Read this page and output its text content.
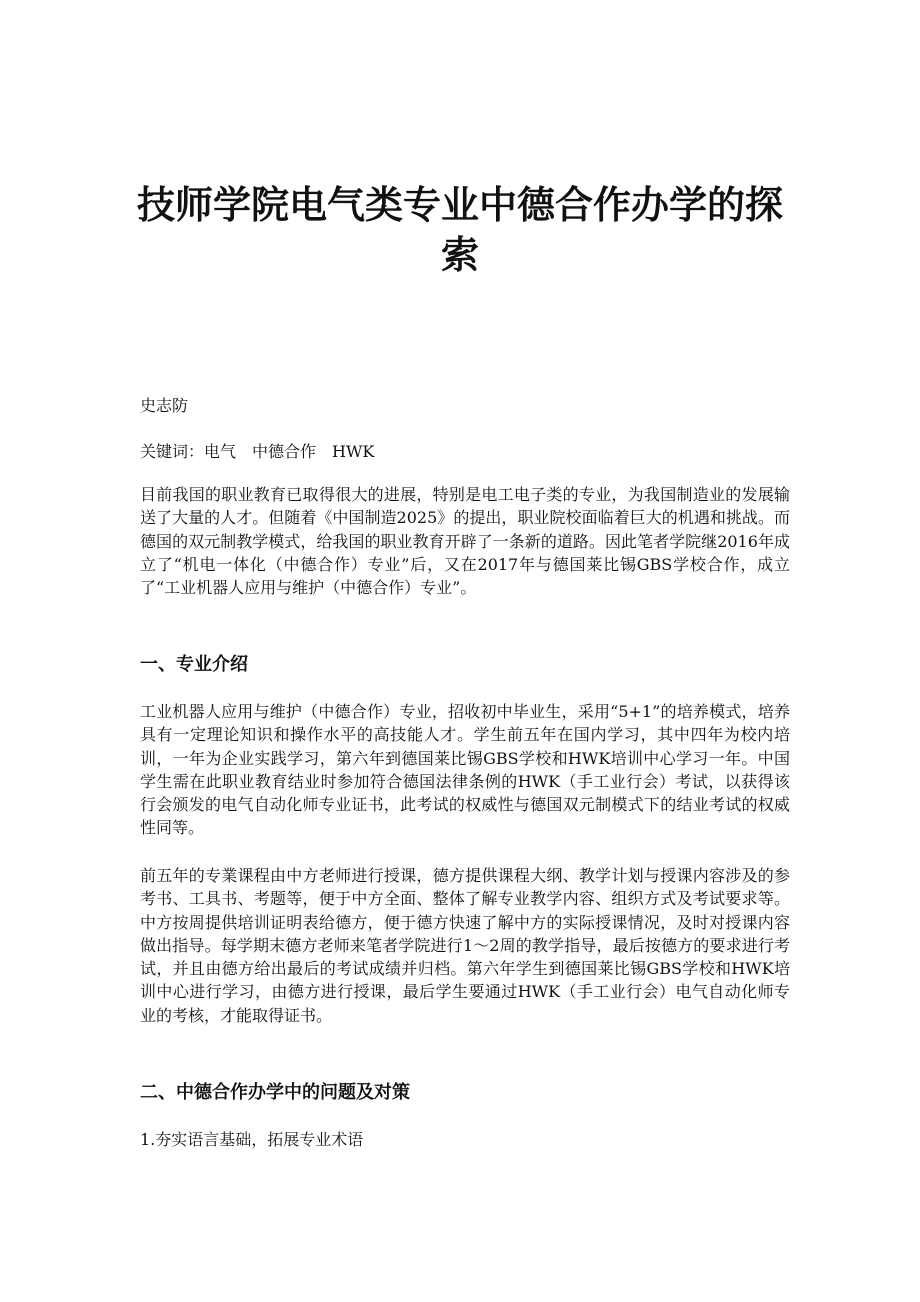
技师学院电气类专业中德合作办学的探索

史志防

关键词：电气　中德合作　HWK

目前我国的职业教育已取得很大的进展，特别是电工电子类的专业，为我国制造业的发展输送了大量的人才。但随着《中国制造2025》的提出，职业院校面临着巨大的机遇和挑战。而德国的双元制教学模式，给我国的职业教育开辟了一条新的道路。因此笔者学院继2016年成立了“机电一体化（中德合作）专业”后，又在2017年与德国莱比锡GBS学校合作，成立了“工业机器人应用与维护（中德合作）专业”。

一、专业介绍

工业机器人应用与维护（中德合作）专业，招收初中毕业生，采用“5+1”的培养模式，培养具有一定理论知识和操作水平的高技能人才。学生前五年在国内学习，其中四年为校内培训，一年为企业实践学习，第六年到德国莱比锡GBS学校和HWK培训中心学习一年。中国学生需在此职业教育结业时参加符合德国法律条例的HWK（手工业行会）考试，以获得该行会颁发的电气自动化师专业证书，此考试的权威性与德国双元制模式下的结业考试的权威性同等。

前五年的专業课程由中方老师进行授课，德方提供课程大纲、教学计划与授课内容涉及的参考书、工具书、考题等，便于中方全面、整体了解专业教学内容、组织方式及考试要求等。中方按周提供培训证明表给德方，便于德方快速了解中方的实际授课情况，及时对授课内容做出指导。每学期末德方老师来笔者学院进行1～2周的教学指导，最后按德方的要求进行考试，并且由德方给出最后的考试成绩并归档。第六年学生到德国莱比锡GBS学校和HWK培训中心进行学习，由德方进行授课，最后学生要通过HWK（手工业行会）电气自动化师专业的考核，才能取得证书。

二、中德合作办学中的问题及对策

1.夯实语言基础，拓展专业术语
